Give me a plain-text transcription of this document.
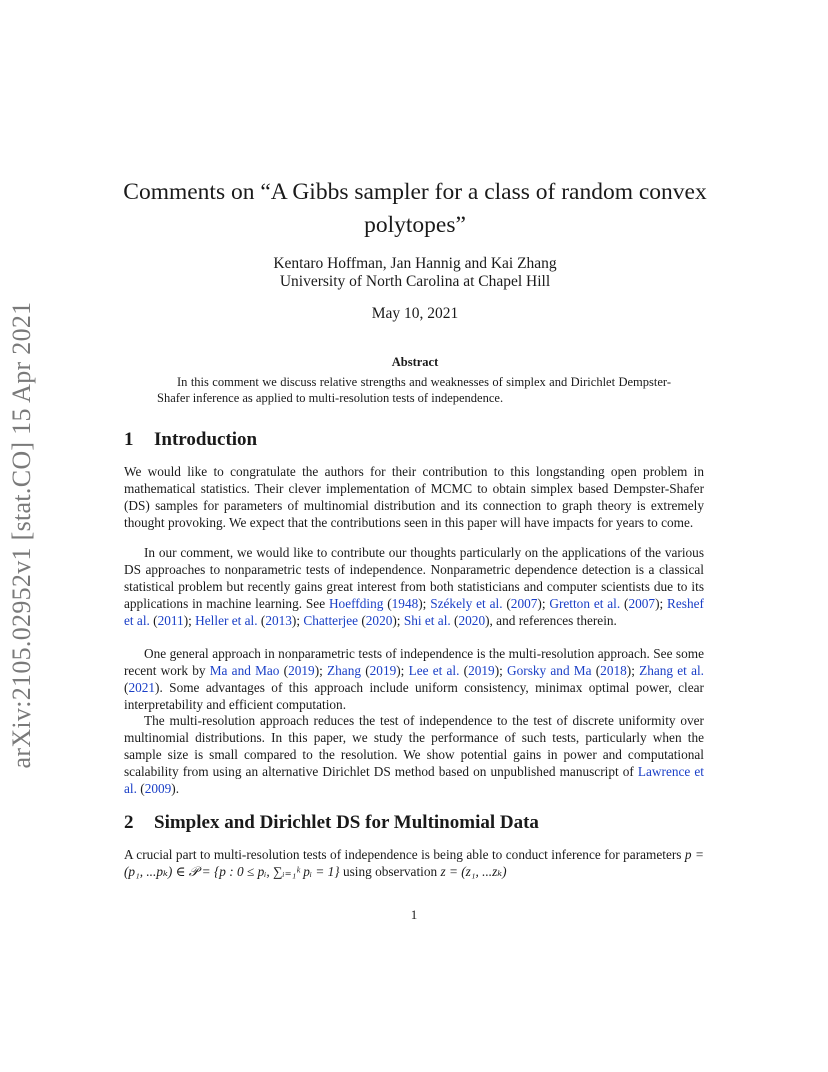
arXiv:2105.02952v1 [stat.CO] 15 Apr 2021
Comments on “A Gibbs sampler for a class of random convex
polytopes”
Kentaro Hoffman, Jan Hannig and Kai Zhang
University of North Carolina at Chapel Hill
May 10, 2021
Abstract
In this comment we discuss relative strengths and weaknesses of simplex and Dirichlet Dempster-Shafer inference as applied to multi-resolution tests of independence.
1 Introduction

We would like to congratulate the authors for their contribution to this longstanding open problem in mathematical statistics. Their clever implementation of MCMC to obtain simplex based Dempster-Shafer (DS) samples for parameters of multinomial distribution and its connection to graph theory is extremely thought provoking. We expect that the contributions seen in this paper will have impacts for years to come.

In our comment, we would like to contribute our thoughts particularly on the applications of the various DS approaches to nonparametric tests of independence. Nonparametric dependence detection is a classical statistical problem but recently gains great interest from both statisticians and computer scientists due to its applications in machine learning. See Hoeffding (1948); Székely et al. (2007); Gretton et al. (2007); Reshef et al. (2011); Heller et al. (2013); Chatterjee (2020); Shi et al. (2020), and references therein.

One general approach in nonparametric tests of independence is the multi-resolution approach. See some recent work by Ma and Mao (2019); Zhang (2019); Lee et al. (2019); Gorsky and Ma (2018); Zhang et al. (2021). Some advantages of this approach include uniform consistency, minimax optimal power, clear interpretability and efficient computation.

The multi-resolution approach reduces the test of independence to the test of discrete uniformity over multinomial distributions. In this paper, we study the performance of such tests, particularly when the sample size is small compared to the resolution. We show potential gains in power and computational scalability from using an alternative Dirichlet DS method based on unpublished manuscript of Lawrence et al. (2009).

2 Simplex and Dirichlet DS for Multinomial Data

A crucial part to multi-resolution tests of independence is being able to conduct inference for parameters p = (p₁, ...pₖ) ∈ 𝒫 = {p : 0 ≤ pᵢ, ∑ᵢ₌₁ᵏ pᵢ = 1} using observation z = (z₁, ...zₖ)

1
